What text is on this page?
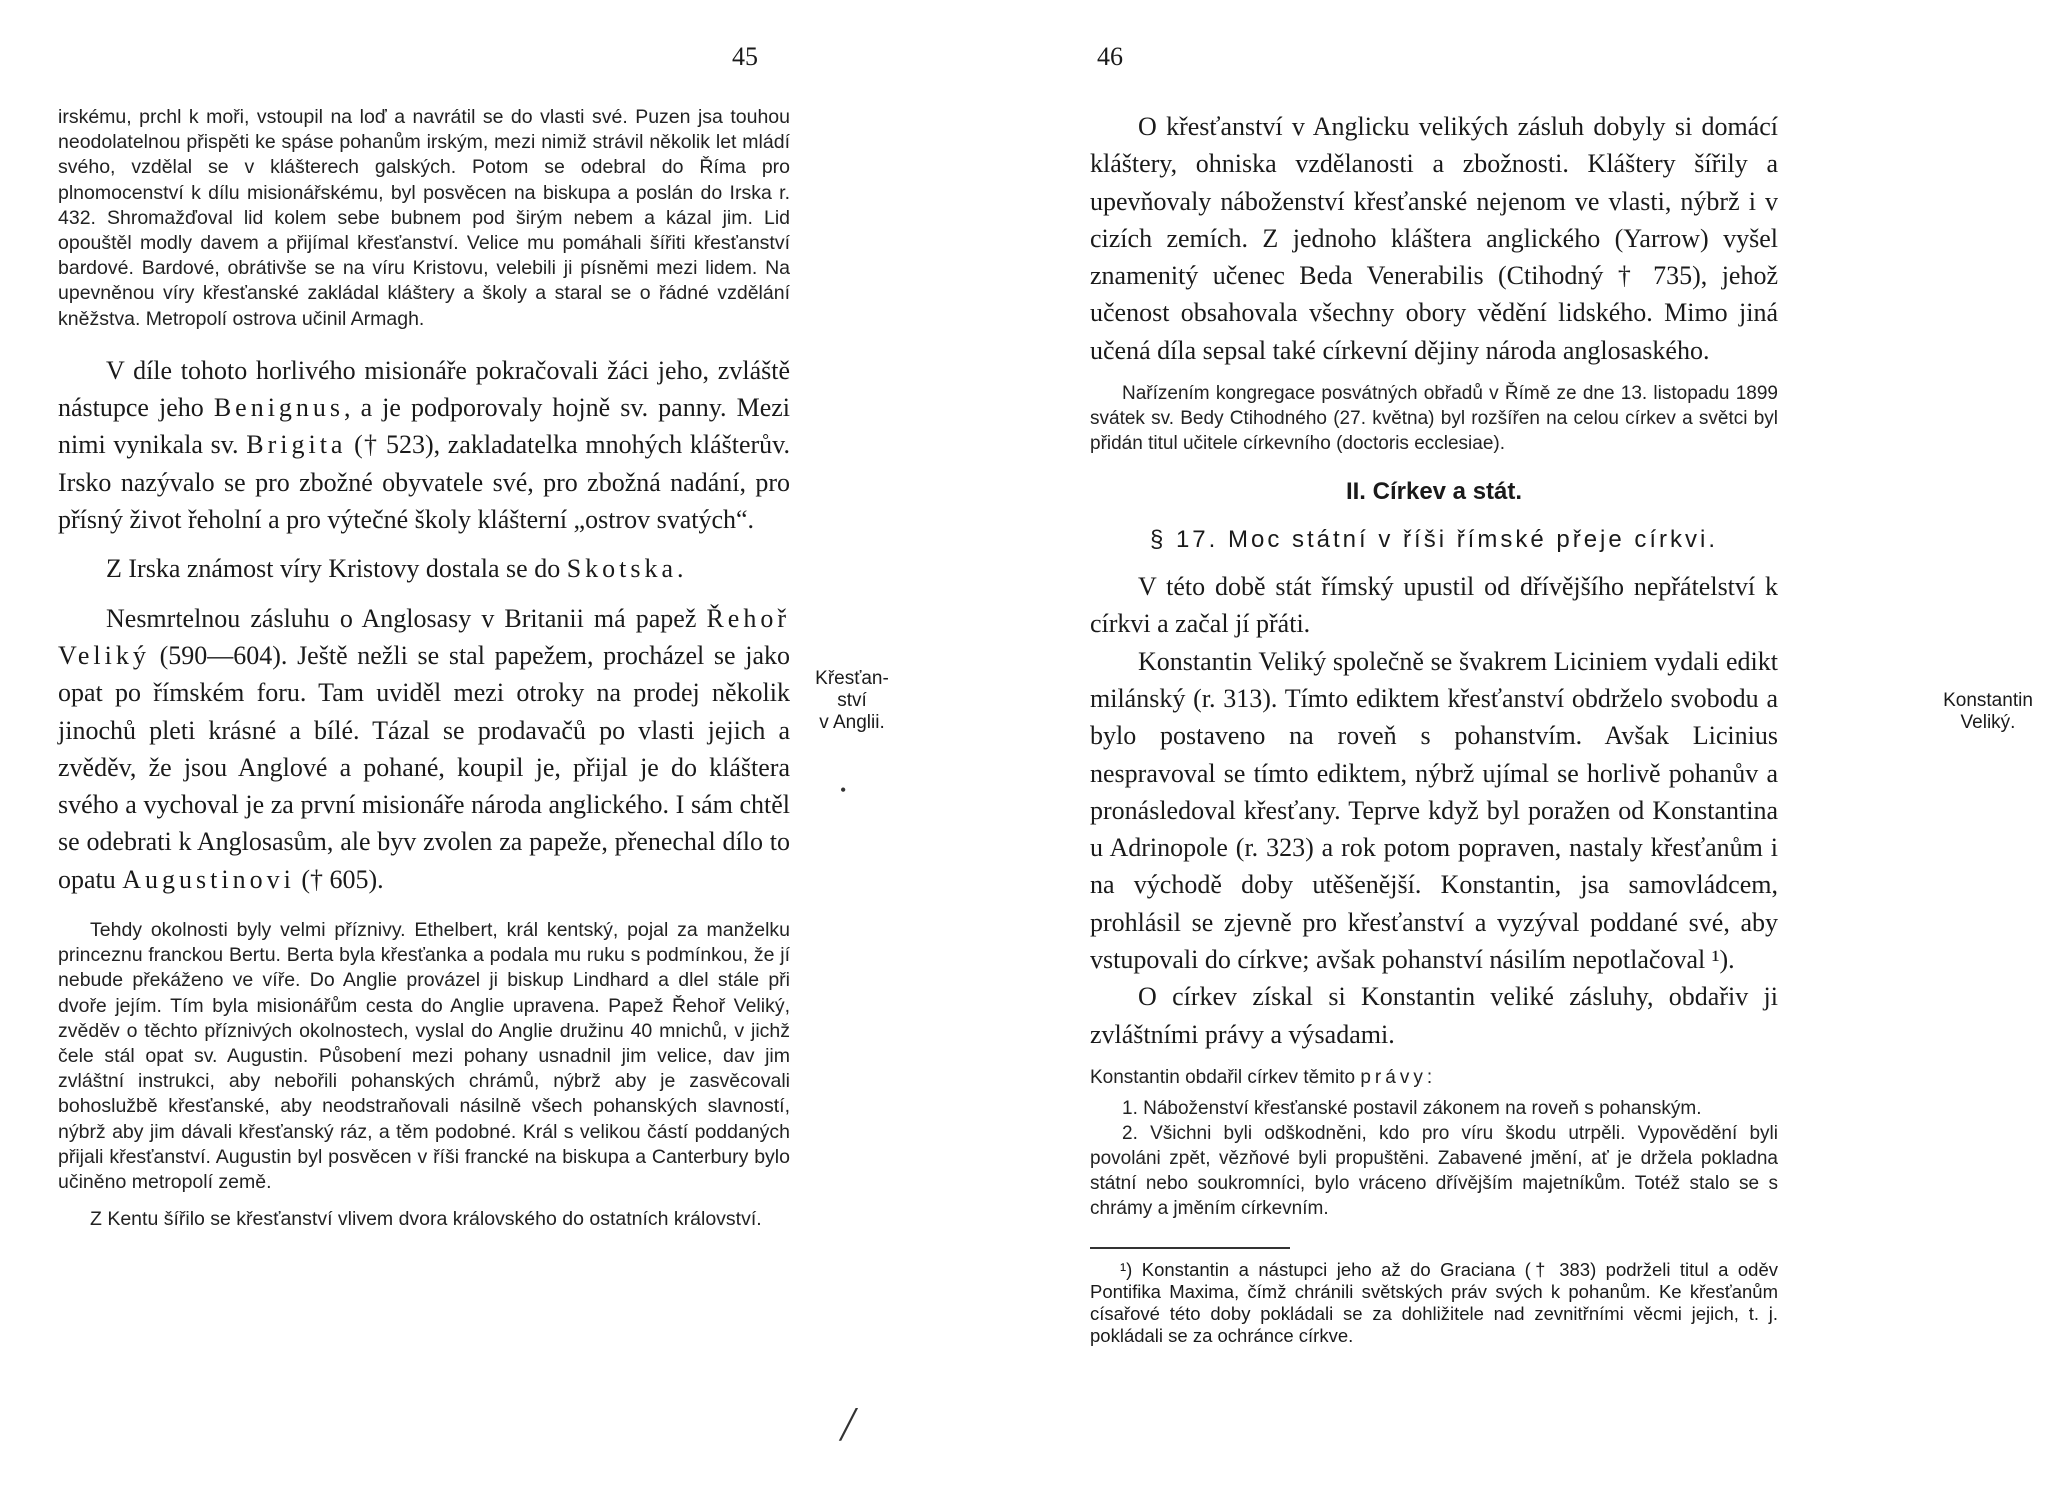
45

irskému, prchl k moři, vstoupil na loď a navrátil se do vlasti své. Puzen jsa touhou neodolatelnou přispěti ke spáse pohanům irským, mezi nimiž strávil několik let mládí svého, vzdělal se v klášterech galských. Potom se odebral do Říma pro plnomocenství k dílu misionářskému, byl posvěcen na biskupa a poslán do Irska r. 432. Shromažďoval lid kolem sebe bubnem pod širým nebem a kázal jim. Lid opouštěl modly davem a přijímal křesťanství. Velice mu pomáhali šířiti křesťanství bardové. Bardové, obrátivše se na víru Kristovu, velebili ji písněmi mezi lidem. Na upevněnou víry křesťanské zakládal kláštery a školy a staral se o řádné vzdělání kněžstva. Metropolí ostrova učinil Armagh.

V díle tohoto horlivého misionáře pokračovali žáci jeho, zvláště nástupce jeho Benignus, a je podporovaly hojně sv. panny. Mezi nimi vynikala sv. Brigita († 523), zakladatelka mnohých klášterův. Irsko nazývalo se pro zbožné obyvatele své, pro zbožná nadání, pro přísný život řeholní a pro výtečné školy klášterní „ostrov svatých“.

Z Irska známost víry Kristovy dostala se do Skotska.

Nesmrtelnou zásluhu o Anglosasy v Britanii má papež Řehoř Veliký (590—604). Ještě nežli se stal papežem, procházel se jako opat po římském foru. Tam uviděl mezi otroky na prodej několik jinochů pleti krásné a bílé. Tázal se prodavačů po vlasti jejich a zvěděv, že jsou Anglové a pohané, koupil je, přijal je do kláštera svého a vychoval je za první misionáře národa anglického. I sám chtěl se odebrati k Anglosasům, ale byv zvolen za papeže, přenechal dílo to opatu Augustinovi († 605).

Tehdy okolnosti byly velmi příznivy. Ethelbert, král kentský, pojal za manželku princeznu franckou Bertu. Berta byla křesťanka a podala mu ruku s podmínkou, že jí nebude překáženo ve víře. Do Anglie provázel ji biskup Lindhard a dlel stále při dvoře jejím. Tím byla misionářům cesta do Anglie upravena. Papež Řehoř Veliký, zvěděv o těchto příznivých okolnostech, vyslal do Anglie družinu 40 mnichů, v jichž čele stál opat sv. Augustin. Působení mezi pohany usnadnil jim velice, dav jim zvláštní instrukci, aby nebořili pohanských chrámů, nýbrž aby je zasvěcovali bohoslužbě křesťanské, aby neodstraňovali násilně všech pohanských slavností, nýbrž aby jim dávali křesťanský ráz, a těm podobné. Král s velikou částí poddaných přijali křesťanství. Augustin byl posvěcen v říši francké na biskupa a Canterbury bylo učiněno metropolí země.

Z Kentu šířilo se křesťanství vlivem dvora královského do ostatních království.

Křesťan-
ství
v Anglii.
•
╱
46

O křesťanství v Anglicku velikých zásluh dobyly si domácí kláštery, ohniska vzdělanosti a zbožnosti. Kláštery šířily a upevňovaly náboženství křesťanské nejenom ve vlasti, nýbrž i v cizích zemích. Z jednoho kláštera anglického (Yarrow) vyšel znamenitý učenec Beda Venerabilis (Ctihodný † 735), jehož učenost obsahovala všechny obory vědění lidského. Mimo jiná učená díla sepsal také církevní dějiny národa anglosaského.

Nařízením kongregace posvátných obřadů v Římě ze dne 13. listopadu 1899 svátek sv. Bedy Ctihodného (27. května) byl rozšířen na celou církev a světci byl přidán titul učitele církevního (doctoris ecclesiae).

II. Církev a stát.
§ 17. Moc státní v říši římské přeje církvi.

V této době stát římský upustil od dřívějšího nepřátelství k církvi a začal jí přáti.

Konstantin Veliký společně se švakrem Liciniem vydali edikt milánský (r. 313). Tímto ediktem křesťanství obdrželo svobodu a bylo postaveno na roveň s pohanstvím. Avšak Licinius nespravoval se tímto ediktem, nýbrž ujímal se horlivě pohanův a pronásledoval křesťany. Teprve když byl poražen od Konstantina u Adrinopole (r. 323) a rok potom popraven, nastaly křesťanům i na východě doby utěšenější. Konstantin, jsa samovládcem, prohlásil se zjevně pro křesťanství a vyzýval poddané své, aby vstupovali do církve; avšak pohanství násilím nepotlačoval ¹).

O církev získal si Konstantin veliké zásluhy, obdařiv ji zvláštními právy a výsadami.

Konstantin obdařil církev těmito právy:

1. Náboženství křesťanské postavil zákonem na roveň s pohanským.

2. Všichni byli odškodněni, kdo pro víru škodu utrpěli. Vypovědění byli povoláni zpět, vězňové byli propuštěni. Zabavené jmění, ať je držela pokladna státní nebo soukromníci, bylo vráceno dřívějším majetníkům. Totéž stalo se s chrámy a jměním církevním.

¹) Konstantin a nástupci jeho až do Graciana († 383) podrželi titul a oděv Pontifika Maxima, čímž chránili světských práv svých k pohanům. Ke křesťanům císařové této doby pokládali se za dohližitele nad zevnitřními věcmi jejich, t. j. pokládali se za ochránce církve.

Konstantin
Veliký.
